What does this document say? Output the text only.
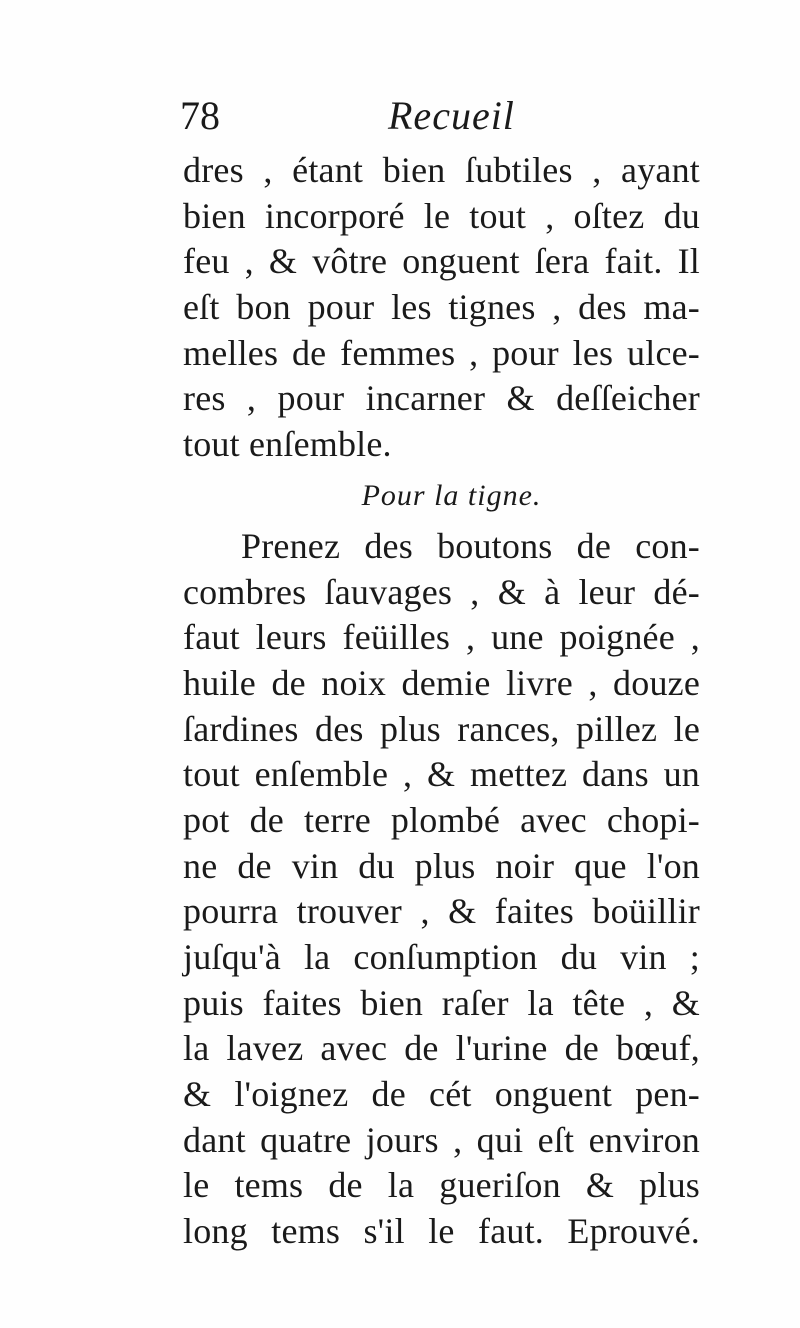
78	Recueil
dres , étant bien ſubtiles , ayant
bien incorporé le tout , oſtez du
feu , & vôtre onguent ſera fait. Il
eſt bon pour les tignes , des ma-
melles de femmes , pour les ulce-
res , pour incarner & deſſeicher
tout enſemble.
Pour la tigne.
Prenez des boutons de con-
combres ſauvages , & à leur dé-
faut leurs feüilles , une poignée ,
huile de noix demie livre , douze
ſardines des plus rances, pillez le
tout enſemble , & mettez dans un
pot de terre plombé avec chopi-
ne de vin du plus noir que l'on
pourra trouver , & faites boüillir
juſqu'à la conſumption du vin ;
puis faites bien raſer la tête , &
la lavez avec de l'urine de bœuf,
& l'oignez de cét onguent pen-
dant quatre jours , qui eſt environ
le tems de la gueriſon & plus
long tems s'il le faut. Eprouvé.
